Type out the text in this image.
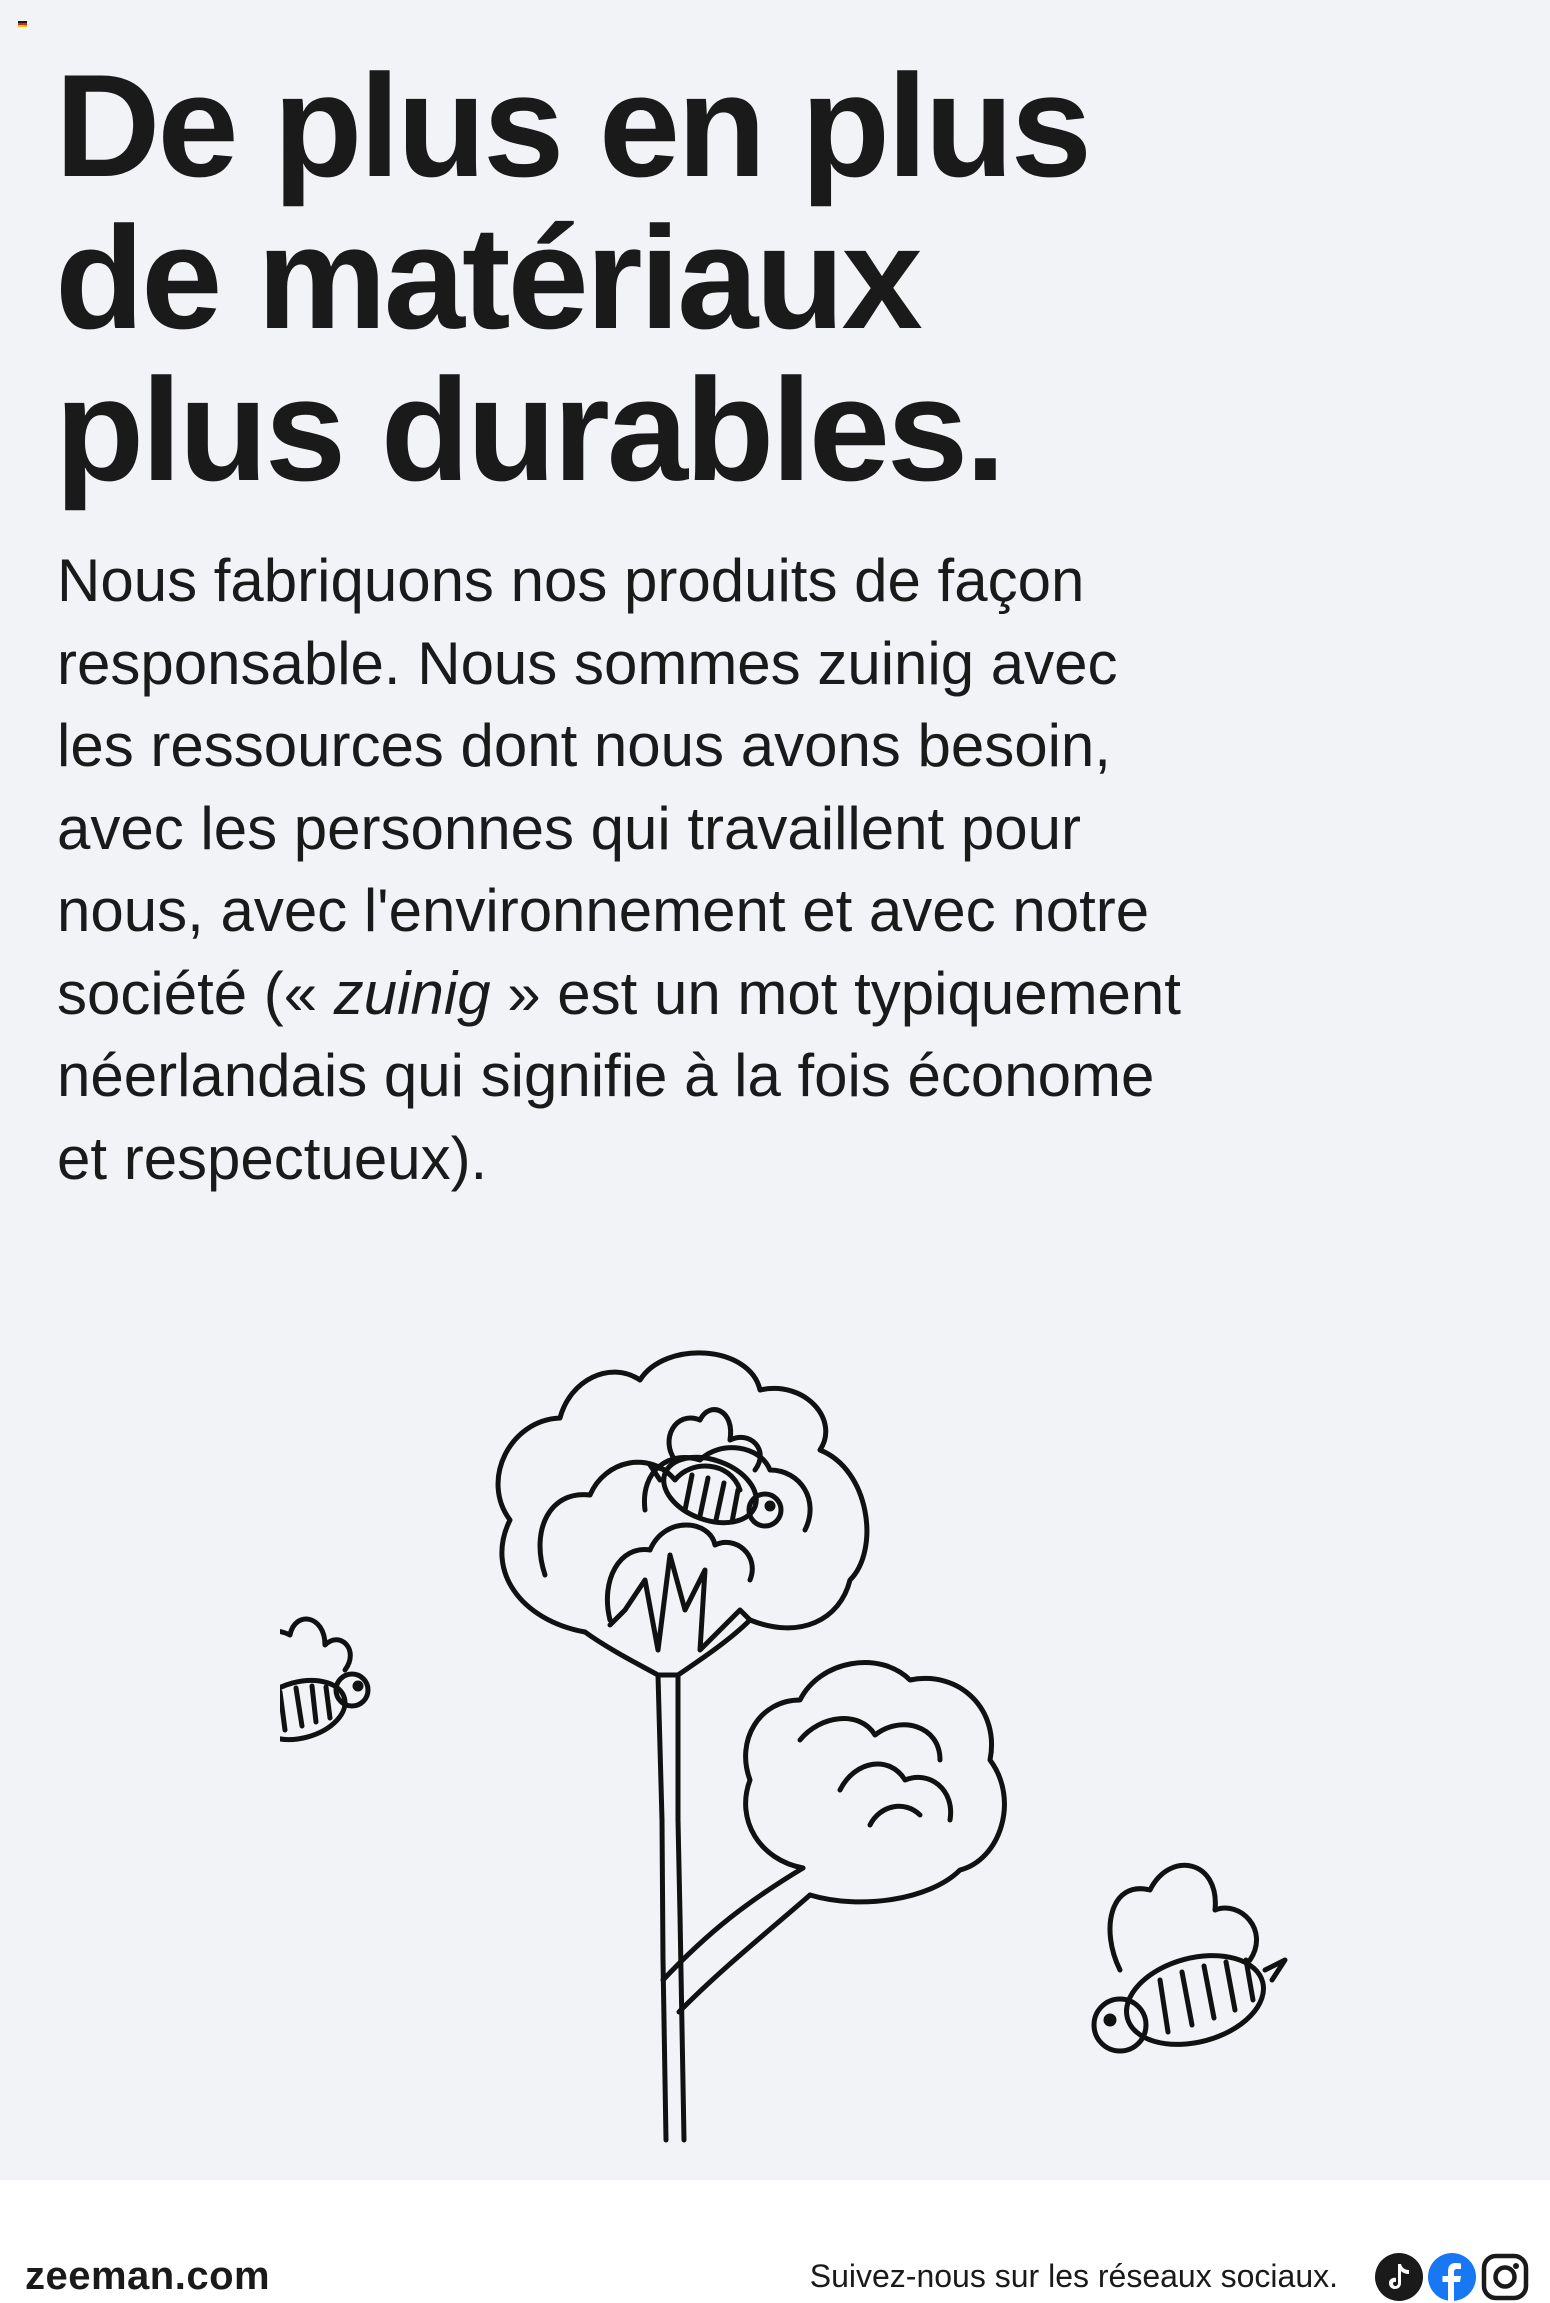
De plus en plus
de matériaux
plus durables.

Nous fabriquons nos produits de façon
responsable. Nous sommes zuinig avec
les ressources dont nous avons besoin,
avec les personnes qui travaillent pour
nous, avec l'environnement et avec notre
société (« zuinig » est un mot typiquement
néerlandais qui signifie à la fois économe
et respectueux).

zeeman.com	Suivez-nous sur les réseaux sociaux.
